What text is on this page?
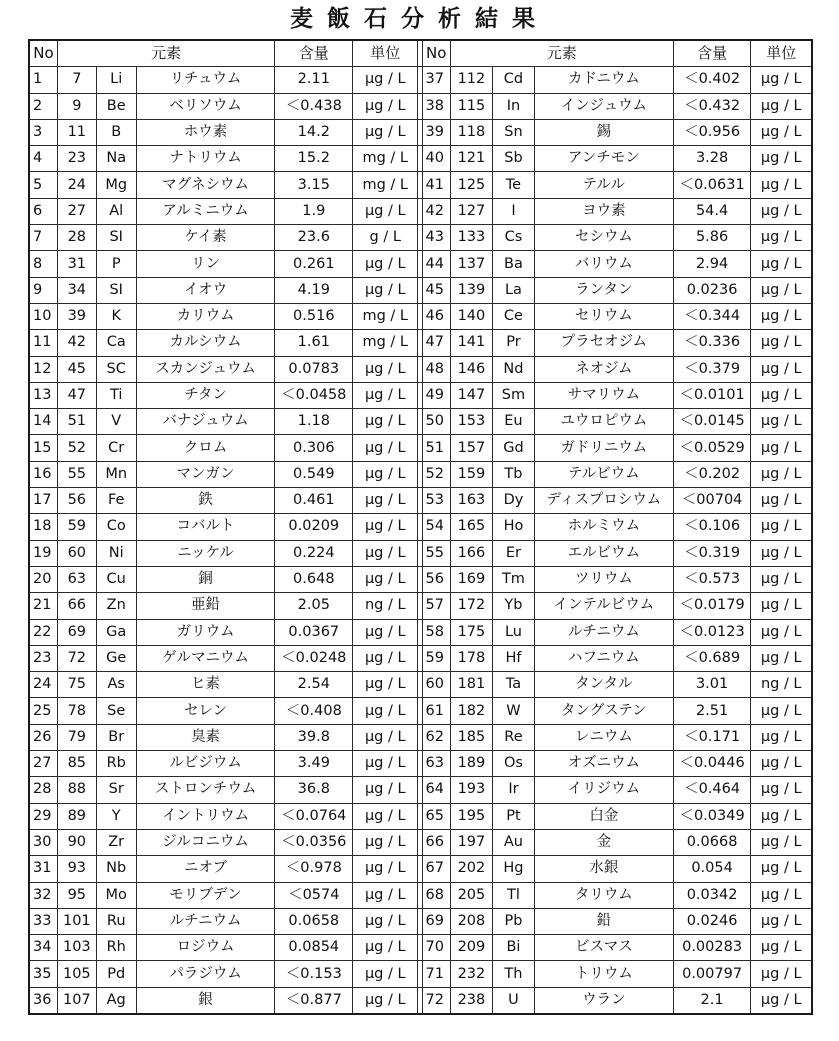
麦飯石分析結果
No	元素			含量	単位		No	元素			含量	単位
1	7	Li	リチュウム	2.11	μg / L		37	112	Cd	カドニウム	＜0.402	μg / L
2	9	Be	ベリソウム	＜0.438	μg / L		38	115	In	インジュウム	＜0.432	μg / L
3	11	B	ホウ素	14.2	μg / L		39	118	Sn	錫	＜0.956	μg / L
4	23	Na	ナトリウム	15.2	mg / L		40	121	Sb	アンチモン	3.28	μg / L
5	24	Mg	マグネシウム	3.15	mg / L		41	125	Te	テルル	＜0.0631	μg / L
6	27	Al	アルミニウム	1.9	μg / L		42	127	I	ヨウ素	54.4	μg / L
7	28	SI	ケイ素	23.6	g / L		43	133	Cs	セシウム	5.86	μg / L
8	31	P	リン	0.261	μg / L		44	137	Ba	バリウム	2.94	μg / L
9	34	SI	イオウ	4.19	μg / L		45	139	La	ランタン	0.0236	μg / L
10	39	K	カリウム	0.516	mg / L		46	140	Ce	セリウム	＜0.344	μg / L
11	42	Ca	カルシウム	1.61	mg / L		47	141	Pr	プラセオジム	＜0.336	μg / L
12	45	SC	スカンジュウム	0.0783	μg / L		48	146	Nd	ネオジム	＜0.379	μg / L
13	47	Ti	チタン	＜0.0458	μg / L		49	147	Sm	サマリウム	＜0.0101	μg / L
14	51	V	バナジュウム	1.18	μg / L		50	153	Eu	ユウロピウム	＜0.0145	μg / L
15	52	Cr	クロム	0.306	μg / L		51	157	Gd	ガドリニウム	＜0.0529	μg / L
16	55	Mn	マンガン	0.549	μg / L		52	159	Tb	テルビウム	＜0.202	μg / L
17	56	Fe	鉄	0.461	μg / L		53	163	Dy	ディスプロシウム	＜00704	μg / L
18	59	Co	コバルト	0.0209	μg / L		54	165	Ho	ホルミウム	＜0.106	μg / L
19	60	Ni	ニッケル	0.224	μg / L		55	166	Er	エルビウム	＜0.319	μg / L
20	63	Cu	銅	0.648	μg / L		56	169	Tm	ツリウム	＜0.573	μg / L
21	66	Zn	亜鉛	2.05	ng / L		57	172	Yb	インテルビウム	＜0.0179	μg / L
22	69	Ga	ガリウム	0.0367	μg / L		58	175	Lu	ルチニウム	＜0.0123	μg / L
23	72	Ge	ゲルマニウム	＜0.0248	μg / L		59	178	Hf	ハフニウム	＜0.689	μg / L
24	75	As	ヒ素	2.54	μg / L		60	181	Ta	タンタル	3.01	ng / L
25	78	Se	セレン	＜0.408	μg / L		61	182	W	タングステン	2.51	μg / L
26	79	Br	臭素	39.8	μg / L		62	185	Re	レニウム	＜0.171	μg / L
27	85	Rb	ルビジウム	3.49	μg / L		63	189	Os	オズニウム	＜0.0446	μg / L
28	88	Sr	ストロンチウム	36.8	μg / L		64	193	Ir	イリジウム	＜0.464	μg / L
29	89	Y	イントリウム	＜0.0764	μg / L		65	195	Pt	白金	＜0.0349	μg / L
30	90	Zr	ジルコニウム	＜0.0356	μg / L		66	197	Au	金	0.0668	μg / L
31	93	Nb	ニオブ	＜0.978	μg / L		67	202	Hg	水銀	0.054	μg / L
32	95	Mo	モリブデン	＜0574	μg / L		68	205	Tl	タリウム	0.0342	μg / L
33	101	Ru	ルチニウム	0.0658	μg / L		69	208	Pb	鉛	0.0246	μg / L
34	103	Rh	ロジウム	0.0854	μg / L		70	209	Bi	ビスマス	0.00283	μg / L
35	105	Pd	パラジウム	＜0.153	μg / L		71	232	Th	トリウム	0.00797	μg / L
36	107	Ag	銀	＜0.877	μg / L		72	238	U	ウラン	2.1	μg / L
